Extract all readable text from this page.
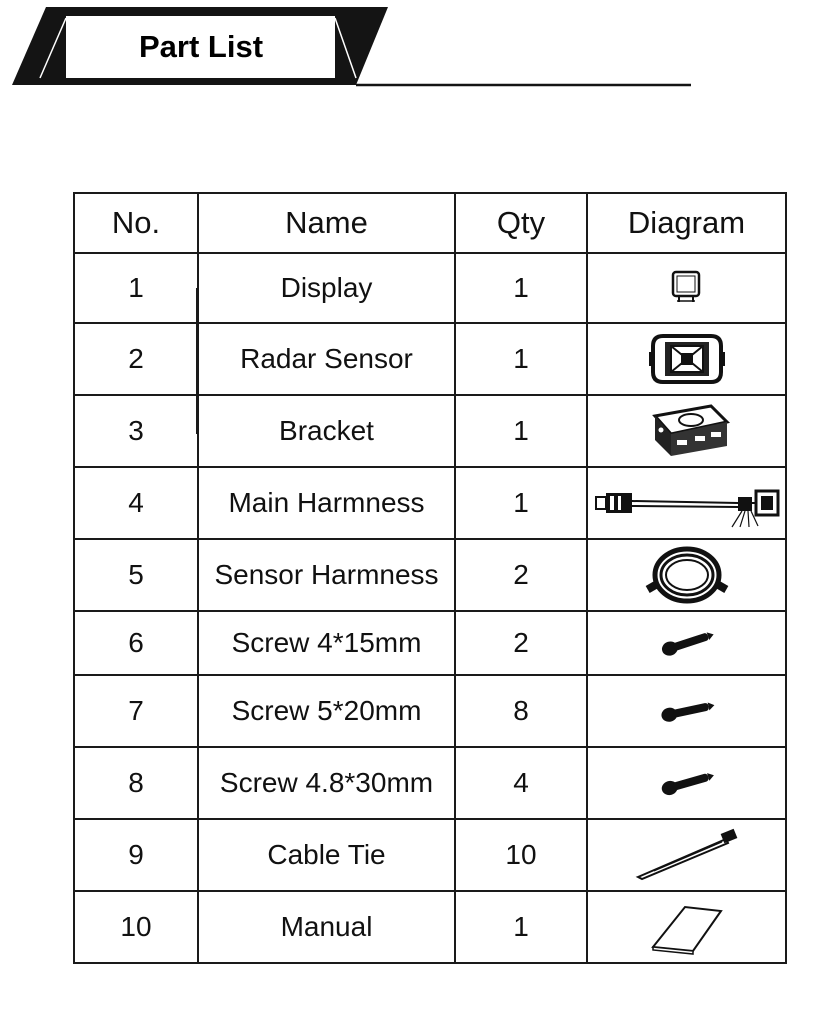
Part List
No.	Name	Qty	Diagram
1	Display	1	

2	Radar Sensor	1	

3	Bracket	1	

4	Main Harmness	1	

5	Sensor Harmness	2	

6	Screw 4*15mm	2	

7	Screw 5*20mm	8	

8	Screw 4.8*30mm	4	

9	Cable Tie	10	

10	Manual	1	
